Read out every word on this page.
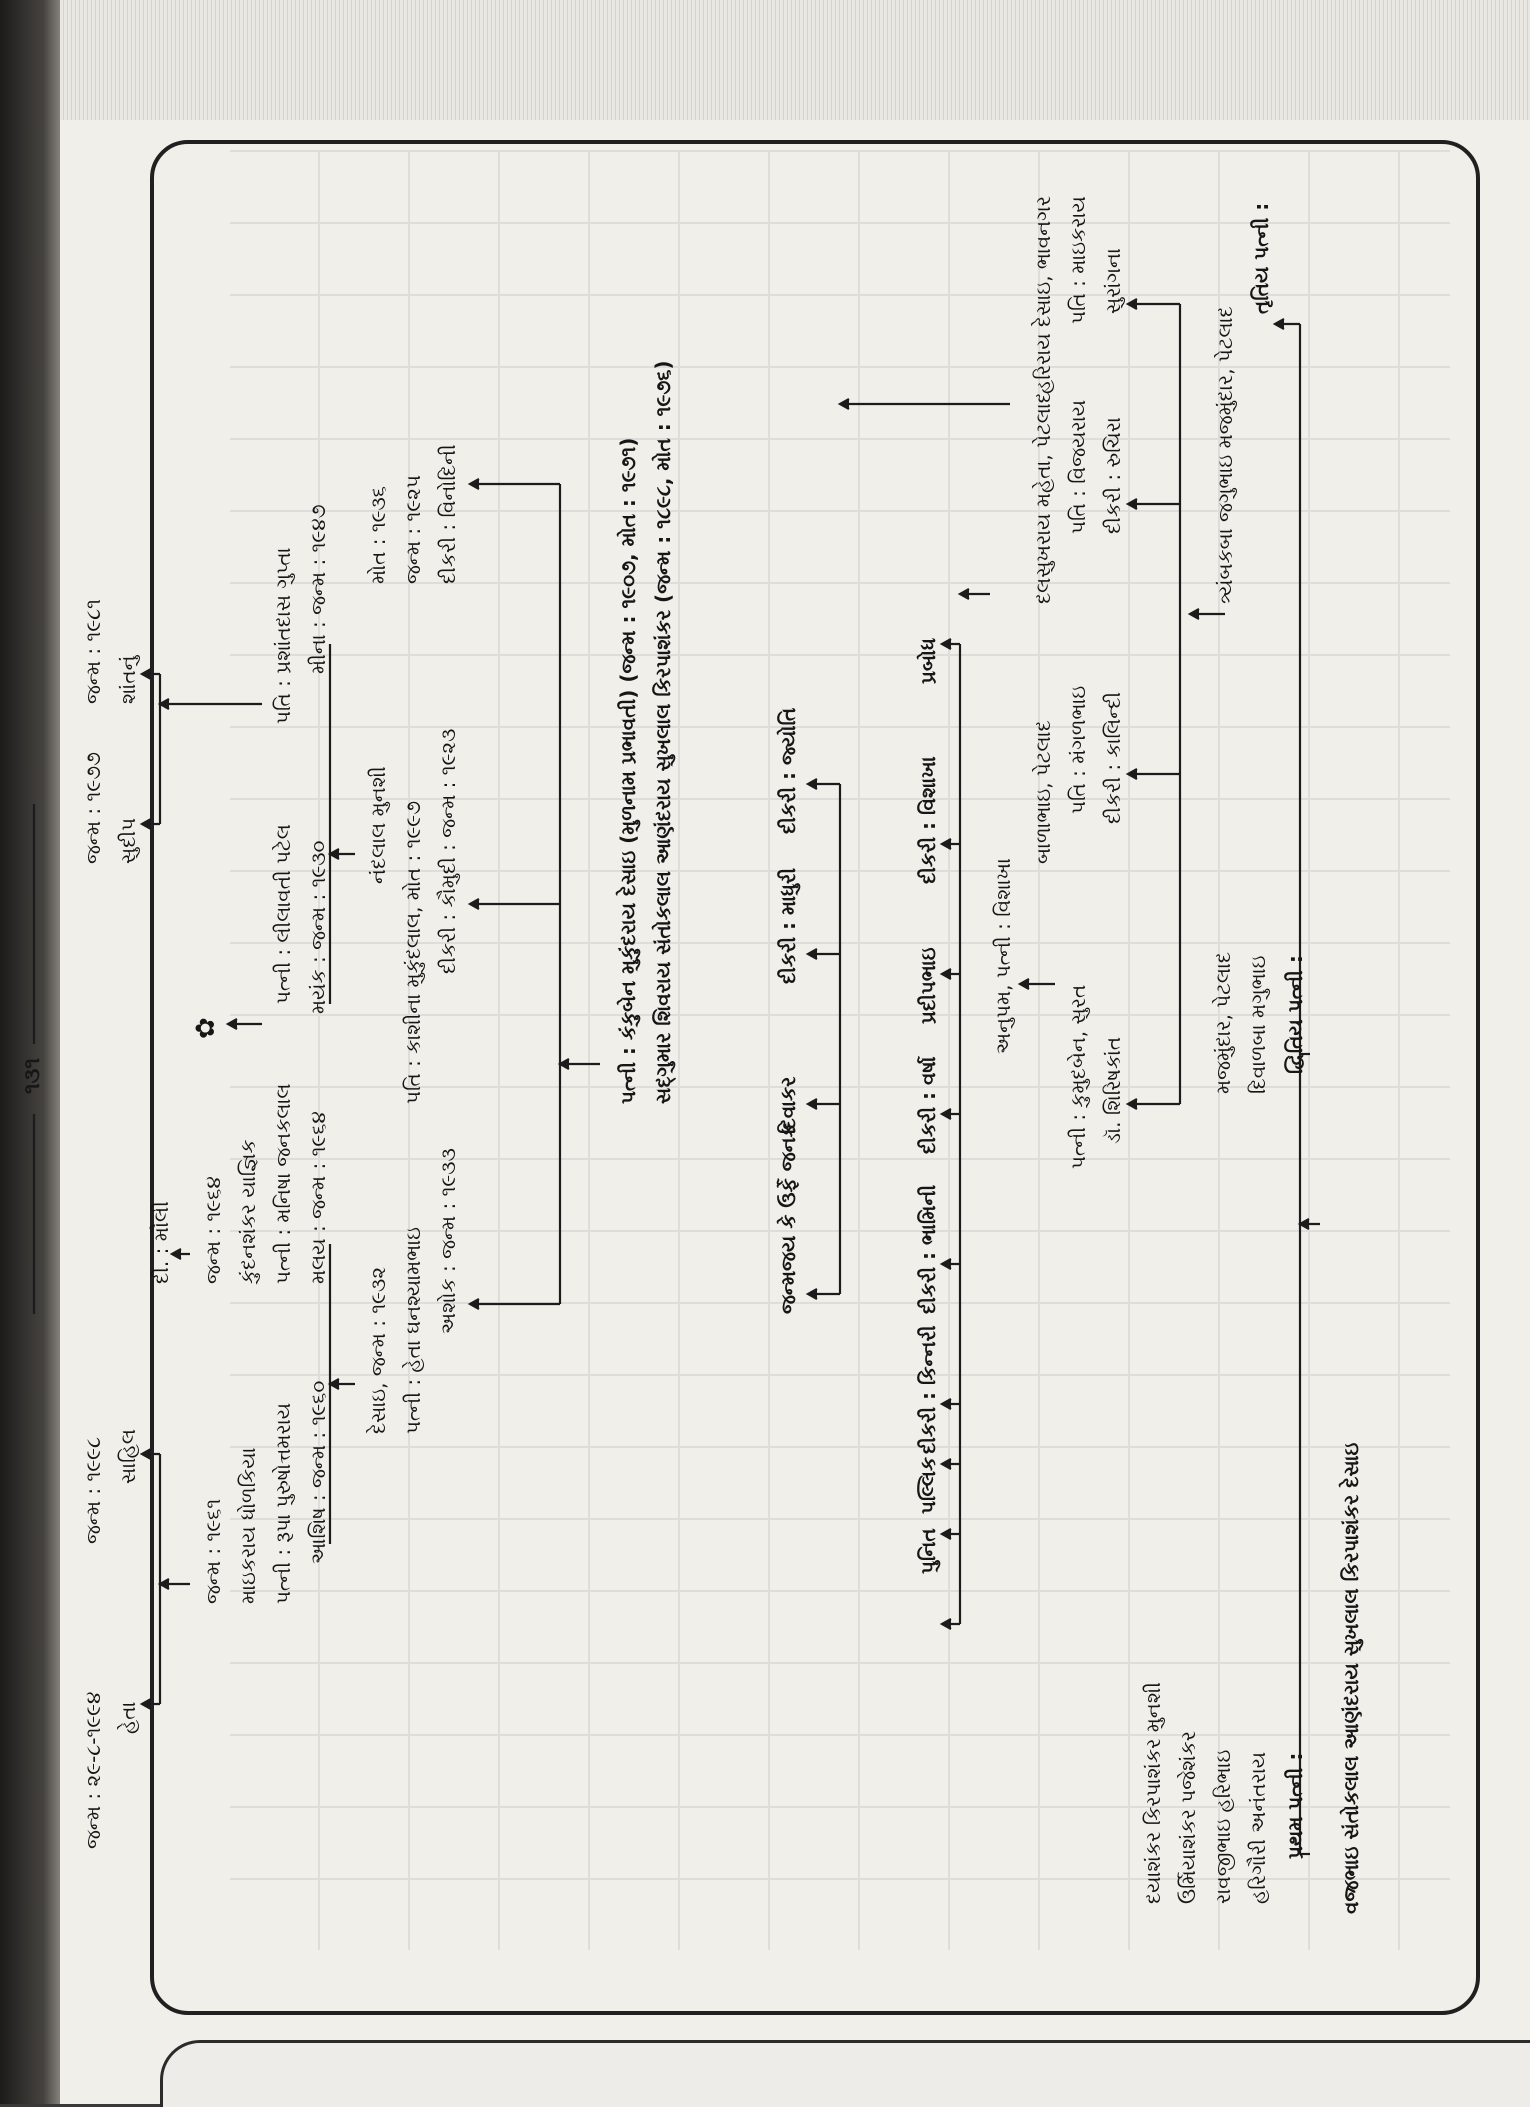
વજ્રભાઇ સંતોકલાલ આણંદરાય સુખલાલ કિરપાશંકર દેસાઇ
પ્રથમ પત્ની :
હરિગૌરી અનંતરાય
રાવજીભાઇ હરિભાઇ
ઉર્મિયાશંકર પજેશંકર
દયાશંકર કિરપાશંકર મુનશી
દ્વિતિય પત્ની :
દિવાળબા મગુભાઇ
મજમુંદાર, પેટલાદ
તૃતિય પત્ની :
ત્ર્યંબકબા જગુભાઇ મજમુંદાર, પેટલાદ
ડૉ. શિરિષકાંત
પત્ની : કુમુદબેન, સુરત
દીકરી : કાલિન્દી
પતિ : મંગળભાઇ
બાળાભાઇ, પેટલાદ
દીકરી : રુચિરા
પતિ : વિજયરાય
દલસુખરાય મહેતા, પેટલાદ
સુરાંગના
પતિ : માઇકરાય
હરિરાય દેસાઇ, ભાવનગર
અનુપમ, પત્ની : વિશાખા
પ્રબોધ
દીકરી : વિશાખા
પ્રદીપભાઇ
દીકરી : વર્ષા
દીકરી : ભામિની
દીકરી : કિન્નરી
પલ્લિક
પુનિત
દીકરી : જ્યોતિ
દીકરી : માધુરી
દિવાકર
જન્મજય કે ઉર્ફે જનક
સદ્ગુમાર શિવરાય સંતોકલાલ આણંદરાય સુખલાલ કિરપાશંકર (જન્મ : ૧૮૯૮, મોત : ૧૯૭૬)
પત્ની : કંકુબેન મુકુંદરાય દેસાઇ (મુળનામ પ્રભાવતી) (જન્મ : ૧૯૦૭, મોત : ૧૯૭૧)
અશોક : જન્મ : ૧૯૩૩
પત્ની : હેતા ઘનશ્યામભાઇ
દેસાઇ, જન્મ : ૧૯૩૨
દીકરી : કૌમુદી : જન્મ : ૧૯૨૩
પતિ : કાશીના મુકુંદલાલ, મોત : ૧૯૯૭
નંદલાલ મુનશી
દીકરી : વિનોદિની
જન્મ : ૧૯૨૫
મોત : ૧૯૩૬
આશિષ : જન્મ : ૧૯૬૦
પત્ની : રૂપા પુરુષોત્તમરાય
માઇકરાય ધોળકિયા
જન્મ : ૧૯૬૧
મલય : જન્મ : ૧૯૬૪
પત્ની : મનિષા જનકલાલ
કુંદનશંકર યાજ્ઞિક
જન્મ : ૧૯૬૪
મયંક : જન્મ : ૧૯૩૦
પત્ની : લીલાવતી પટેલ
મીના : જન્મ : ૧૯૪૭
પતિ : પ્રશાંતદાસ ગુપ્તા
હેતા
જન્મ : ૨૯-૮-૧૯૯૪
સાહિલ
જન્મ : ૧૯૯૮
દી. : મૌલી
✿
સુદીપ
જન્મ : ૧૯૭૭
શાંતનું
જન્મ : ૧૯૮૧
૧૩૧
